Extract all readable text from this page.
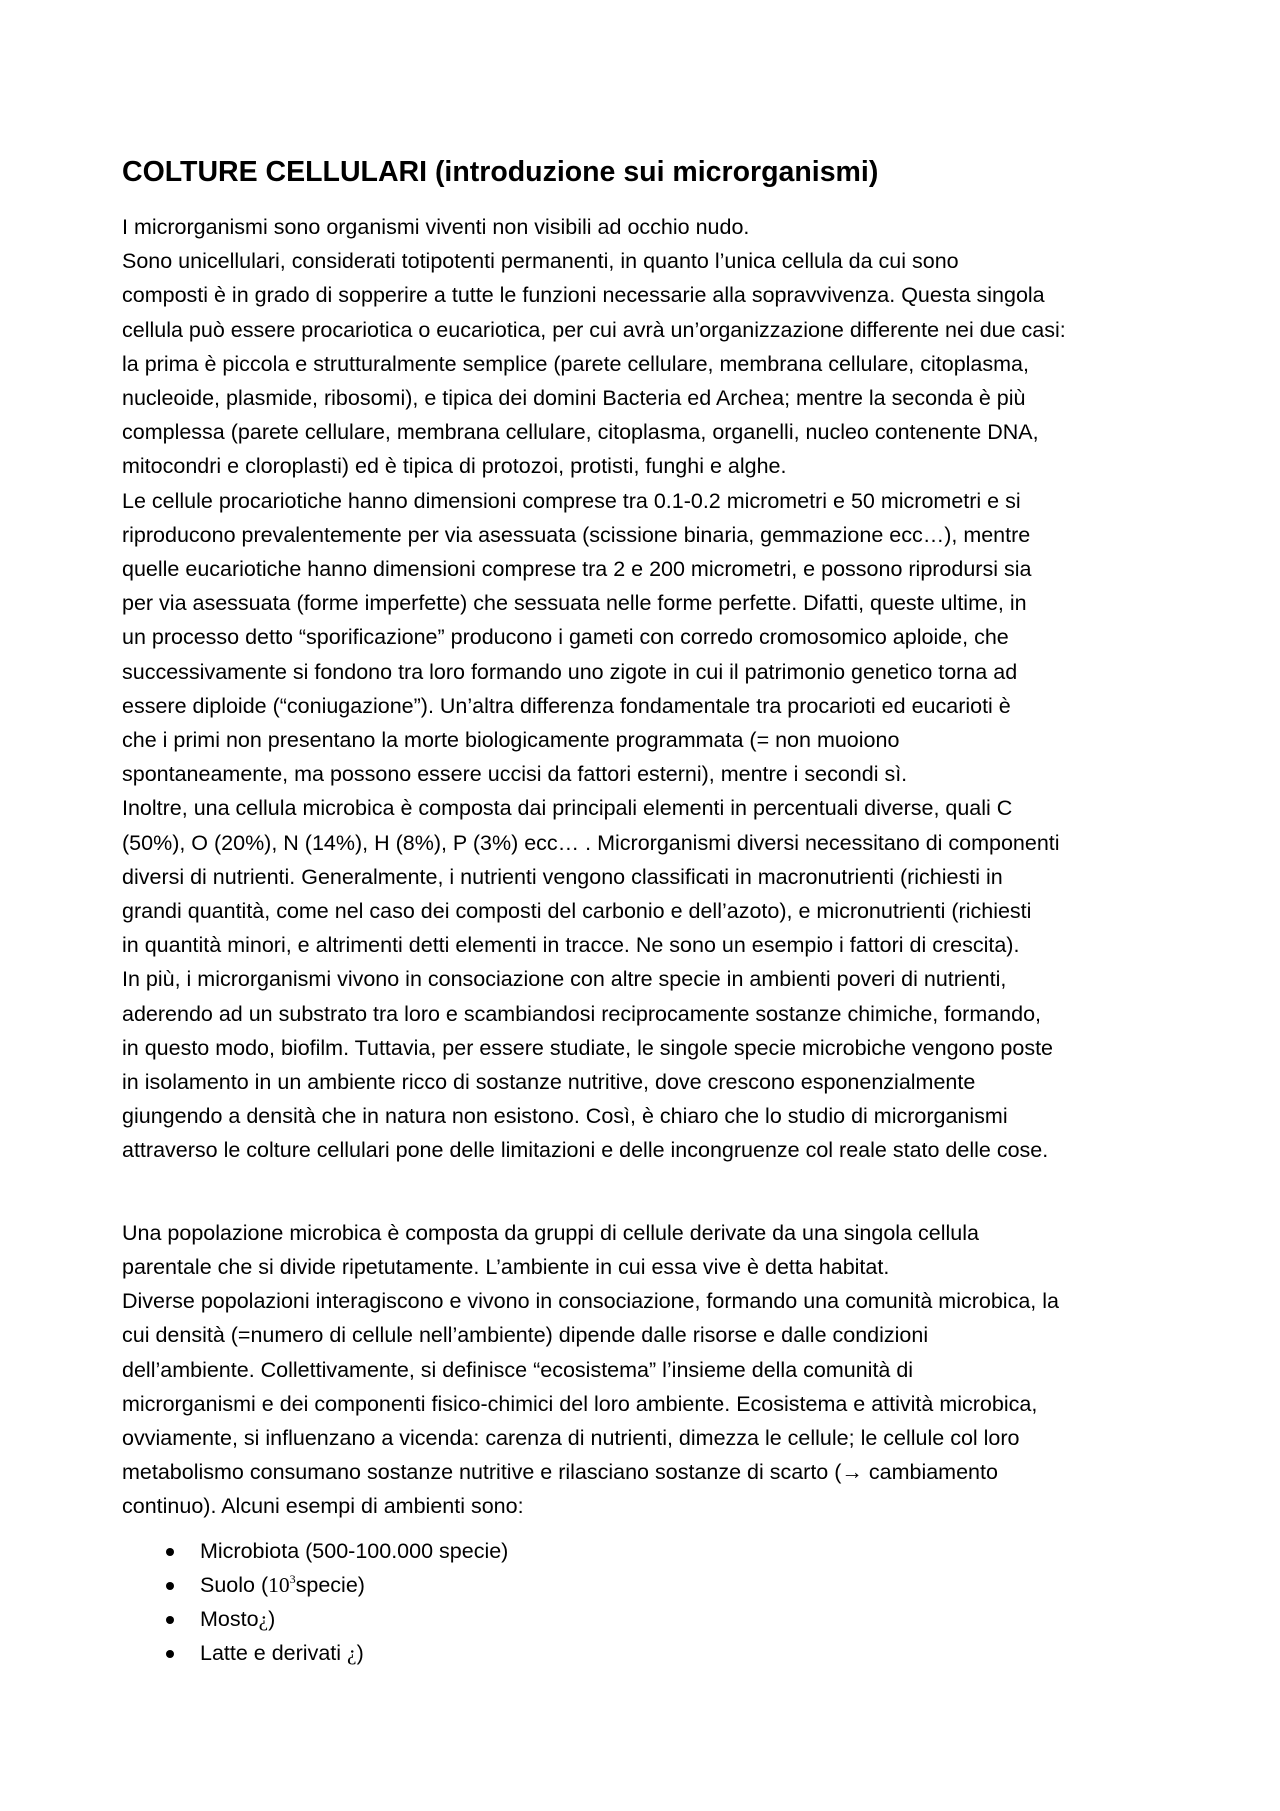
COLTURE CELLULARI (introduzione sui microrganismi)

I microrganismi sono organismi viventi non visibili ad occhio nudo.
Sono unicellulari, considerati totipotenti permanenti, in quanto l’unica cellula da cui sono
composti è in grado di sopperire a tutte le funzioni necessarie alla sopravvivenza. Questa singola
cellula può essere procariotica o eucariotica, per cui avrà un’organizzazione differente nei due casi:
la prima è piccola e strutturalmente semplice (parete cellulare, membrana cellulare, citoplasma,
nucleoide, plasmide, ribosomi), e tipica dei domini Bacteria ed Archea; mentre la seconda è più
complessa (parete cellulare, membrana cellulare, citoplasma, organelli, nucleo contenente DNA,
mitocondri e cloroplasti) ed è tipica di protozoi, protisti, funghi e alghe.
Le cellule procariotiche hanno dimensioni comprese tra 0.1-0.2 micrometri e 50 micrometri e si
riproducono prevalentemente per via asessuata (scissione binaria, gemmazione ecc…), mentre
quelle eucariotiche hanno dimensioni comprese tra 2 e 200 micrometri, e possono riprodursi sia
per via asessuata (forme imperfette) che sessuata nelle forme perfette. Difatti, queste ultime, in
un processo detto “sporificazione” producono i gameti con corredo cromosomico aploide, che
successivamente si fondono tra loro formando uno zigote in cui il patrimonio genetico torna ad
essere diploide (“coniugazione”). Un’altra differenza fondamentale tra procarioti ed eucarioti è
che i primi non presentano la morte biologicamente programmata (= non muoiono
spontaneamente, ma possono essere uccisi da fattori esterni), mentre i secondi sì.
Inoltre, una cellula microbica è composta dai principali elementi in percentuali diverse, quali C
(50%), O (20%), N (14%), H (8%), P (3%) ecc… . Microrganismi diversi necessitano di componenti
diversi di nutrienti. Generalmente, i nutrienti vengono classificati in macronutrienti (richiesti in
grandi quantità, come nel caso dei composti del carbonio e dell’azoto), e micronutrienti (richiesti
in quantità minori, e altrimenti detti elementi in tracce. Ne sono un esempio i fattori di crescita).
In più, i microrganismi vivono in consociazione con altre specie in ambienti poveri di nutrienti,
aderendo ad un substrato tra loro e scambiandosi reciprocamente sostanze chimiche, formando,
in questo modo, biofilm. Tuttavia, per essere studiate, le singole specie microbiche vengono poste
in isolamento in un ambiente ricco di sostanze nutritive, dove crescono esponenzialmente
giungendo a densità che in natura non esistono. Così, è chiaro che lo studio di microrganismi
attraverso le colture cellulari pone delle limitazioni e delle incongruenze col reale stato delle cose.

Una popolazione microbica è composta da gruppi di cellule derivate da una singola cellula
parentale che si divide ripetutamente. L’ambiente in cui essa vive è detta habitat.
Diverse popolazioni interagiscono e vivono in consociazione, formando una comunità microbica, la
cui densità (=numero di cellule nell’ambiente) dipende dalle risorse e dalle condizioni
dell’ambiente. Collettivamente, si definisce “ecosistema” l’insieme della comunità di
microrganismi e dei componenti fisico-chimici del loro ambiente. Ecosistema e attività microbica,
ovviamente, si influenzano a vicenda: carenza di nutrienti, dimezza le cellule; le cellule col loro
metabolismo consumano sostanze nutritive e rilasciano sostanze di scarto (→ cambiamento
continuo). Alcuni esempi di ambienti sono:

Microbiota (500-100.000 specie)
Suolo $(10^3specie)$
Mosto¿)
Latte e derivati ¿)
